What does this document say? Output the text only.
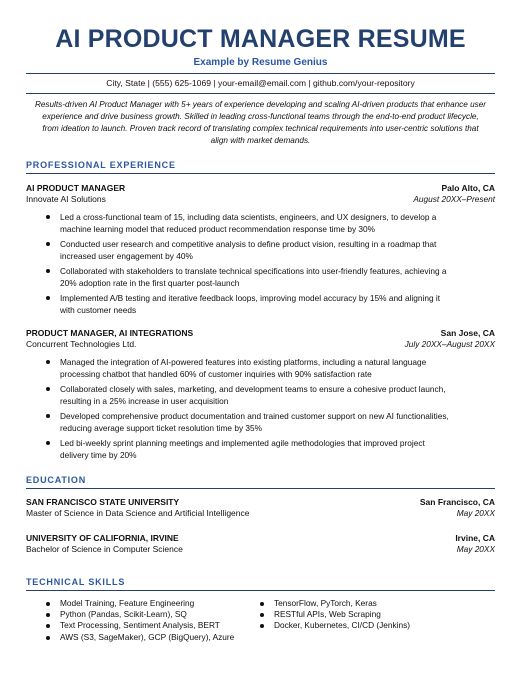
AI PRODUCT MANAGER RESUME
Example by Resume Genius
City, State | (555) 625-1069 | your-email@email.com | github.com/your-repository

Results-driven AI Product Manager with 5+ years of experience developing and scaling AI-driven products that enhance user experience and drive business growth. Skilled in leading cross-functional teams through the end-to-end product lifecycle, from ideation to launch. Proven track record of translating complex technical requirements into user-centric solutions that align with market demands.

PROFESSIONAL EXPERIENCE
AI PRODUCT MANAGER	Palo Alto, CA
Innovate AI Solutions	August 20XX–Present
Led a cross-functional team of 15, including data scientists, engineers, and UX designers, to develop a machine learning model that reduced product recommendation response time by 30%
Conducted user research and competitive analysis to define product vision, resulting in a roadmap that increased user engagement by 40%
Collaborated with stakeholders to translate technical specifications into user-friendly features, achieving a 20% adoption rate in the first quarter post-launch
Implemented A/B testing and iterative feedback loops, improving model accuracy by 15% and aligning it with customer needs
PRODUCT MANAGER, AI INTEGRATIONS	San Jose, CA
Concurrent Technologies Ltd.	July 20XX–August 20XX
Managed the integration of AI-powered features into existing platforms, including a natural language processing chatbot that handled 60% of customer inquiries with 90% satisfaction rate
Collaborated closely with sales, marketing, and development teams to ensure a cohesive product launch, resulting in a 25% increase in user acquisition
Developed comprehensive product documentation and trained customer support on new AI functionalities, reducing average support ticket resolution time by 35%
Led bi-weekly sprint planning meetings and implemented agile methodologies that improved project delivery time by 20%
EDUCATION
SAN FRANCISCO STATE UNIVERSITY	San Francisco, CA
Master of Science in Data Science and Artificial Intelligence	May 20XX
UNIVERSITY OF CALIFORNIA, IRVINE	Irvine, CA
Bachelor of Science in Computer Science	May 20XX
TECHNICAL SKILLS
Model Training, Feature Engineering
Python (Pandas, Scikit-Learn), SQ
Text Processing, Sentiment Analysis, BERT
AWS (S3, SageMaker), GCP (BigQuery), Azure
TensorFlow, PyTorch, Keras
RESTful APIs, Web Scraping
Docker, Kubernetes, CI/CD (Jenkins)
